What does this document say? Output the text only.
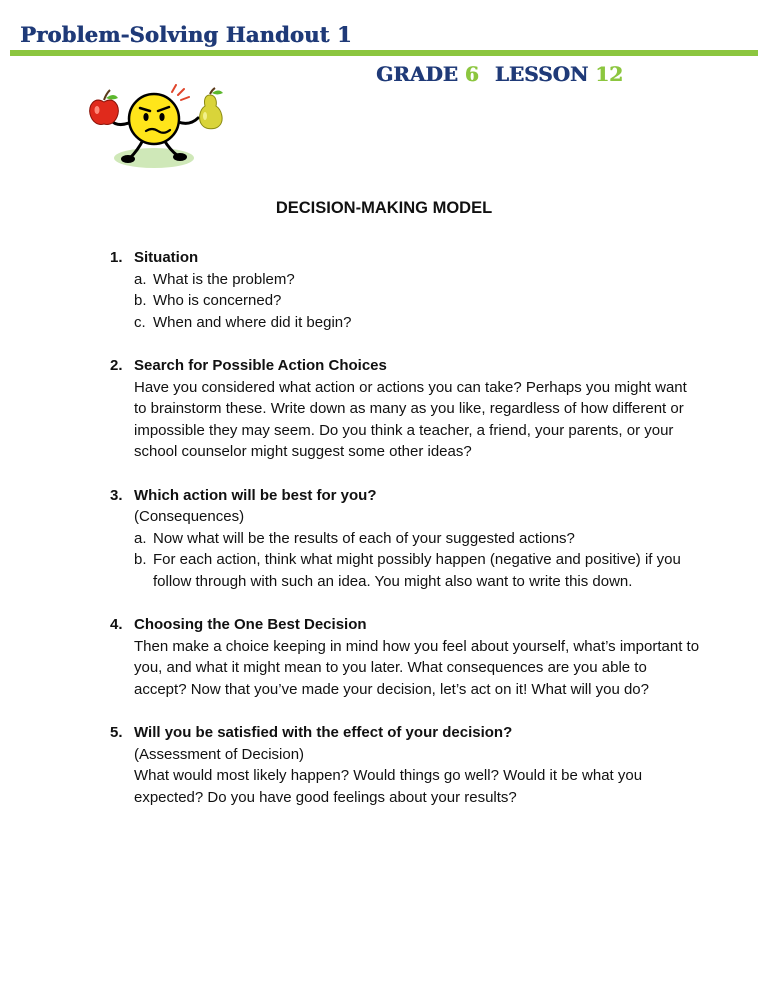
Problem-Solving Handout 1
GRADE 6 LESSON 12
DECISION-MAKING MODEL
1. Situation
a. What is the problem?
b. Who is concerned?
c. When and where did it begin?
2. Search for Possible Action Choices
Have you considered what action or actions you can take? Perhaps you might want to brainstorm these. Write down as many as you like, regardless of how different or impossible they may seem. Do you think a teacher, a friend, your parents, or your school counselor might suggest some other ideas?
3. Which action will be best for you?
(Consequences)
a. Now what will be the results of each of your suggested actions?
b. For each action, think what might possibly happen (negative and positive) if you follow through with such an idea. You might also want to write this down.
4. Choosing the One Best Decision
Then make a choice keeping in mind how you feel about yourself, what’s important to you, and what it might mean to you later. What consequences are you able to accept? Now that you’ve made your decision, let’s act on it! What will you do?
5. Will you be satisfied with the effect of your decision?
(Assessment of Decision)
What would most likely happen? Would things go well? Would it be what you expected? Do you have good feelings about your results?
